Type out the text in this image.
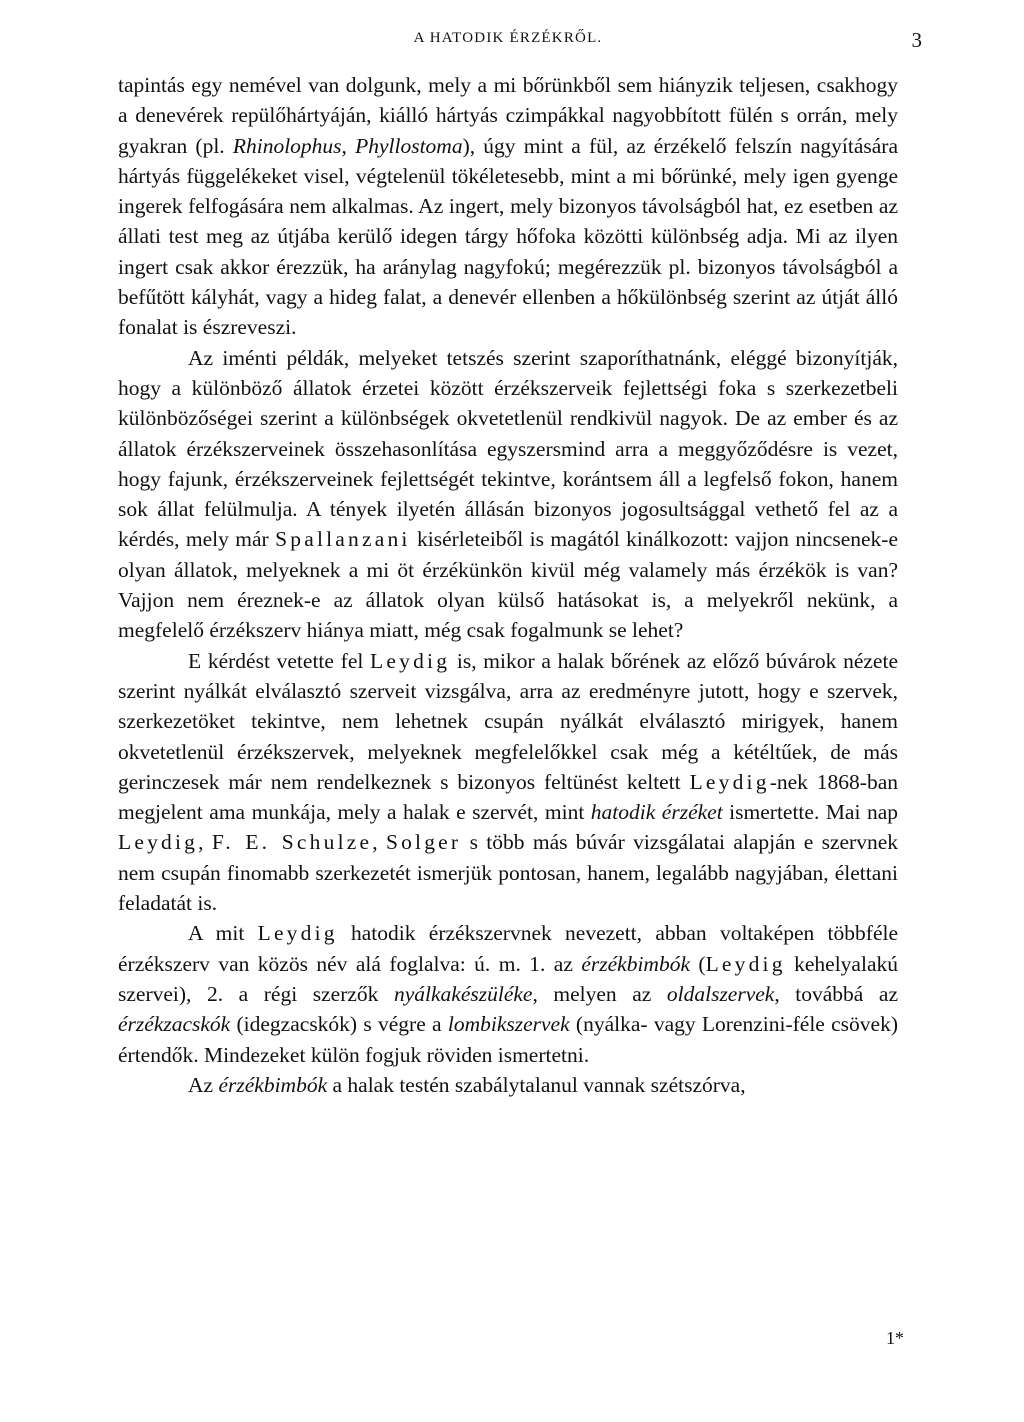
A HATODIK ÉRZÉKRŐL.	3

tapintás egy nemével van dolgunk, mely a mi bőrünkből sem hiányzik teljesen, csakhogy a denevérek repülőhártyáján, kiálló hártyás czimpákkal nagyobbított fülén s orrán, mely gyakran (pl. Rhinolophus, Phyllostoma), úgy mint a fül, az érzékelő felszín nagyítására hártyás függelékeket visel, végtelenül tökéletesebb, mint a mi bőrünké, mely igen gyenge ingerek felfogására nem alkalmas. Az ingert, mely bizonyos távolságból hat, ez esetben az állati test meg az útjába kerülő idegen tárgy hőfoka közötti különbség adja. Mi az ilyen ingert csak akkor érezzük, ha aránylag nagyfokú; megérezzük pl. bizonyos távolságból a befűtött kályhát, vagy a hideg falat, a denevér ellenben a hőkülönbség szerint az útját álló fonalat is észreveszi.

Az iménti példák, melyeket tetszés szerint szaporíthatnánk, eléggé bizonyítják, hogy a különböző állatok érzetei között érzékszerveik fejlettségi foka s szerkezetbeli különbözőségei szerint a különbségek okvetetlenül rendkivül nagyok. De az ember és az állatok érzékszerveinek összehasonlítása egyszersmind arra a meggyőződésre is vezet, hogy fajunk, érzékszerveinek fejlettségét tekintve, korántsem áll a legfelső fokon, hanem sok állat felülmulja. A tények ilyetén állásán bizonyos jogosultsággal vethető fel az a kérdés, mely már Spallanzani kisérleteiből is magától kinálkozott: vajjon nincsenek-e olyan állatok, melyeknek a mi öt érzékünkön kivül még valamely más érzékök is van? Vajjon nem éreznek-e az állatok olyan külső hatásokat is, a melyekről nekünk, a megfelelő érzékszerv hiánya miatt, még csak fogalmunk se lehet?

E kérdést vetette fel Leydig is, mikor a halak bőrének az előző búvárok nézete szerint nyálkát elválasztó szerveit vizsgálva, arra az eredményre jutott, hogy e szervek, szerkezetöket tekintve, nem lehetnek csupán nyálkát elválasztó mirigyek, hanem okvetetlenül érzékszervek, melyeknek megfelelőkkel csak még a kétéltűek, de más gerinczesek már nem rendelkeznek s bizonyos feltünést keltett Leydig-nek 1868-ban megjelent ama munkája, mely a halak e szervét, mint hatodik érzéket ismertette. Mai nap Leydig, F. E. Schulze, Solger s több más búvár vizsgálatai alapján e szervnek nem csupán finomabb szerkezetét ismerjük pontosan, hanem, legalább nagyjában, élettani feladatát is.

A mit Leydig hatodik érzékszervnek nevezett, abban voltaképen többféle érzékszerv van közös név alá foglalva: ú. m. 1. az érzékbimbók (Leydig kehelyalakú szervei), 2. a régi szerzők nyálkakészüléke, melyen az oldalszervek, továbbá az érzékzacskók (idegzacskók) s végre a lombikszervek (nyálka- vagy Lorenzini-féle csövek) értendők. Mindezeket külön fogjuk röviden ismertetni.

Az érzékbimbók a halak testén szabálytalanul vannak szétszórva,

1*
